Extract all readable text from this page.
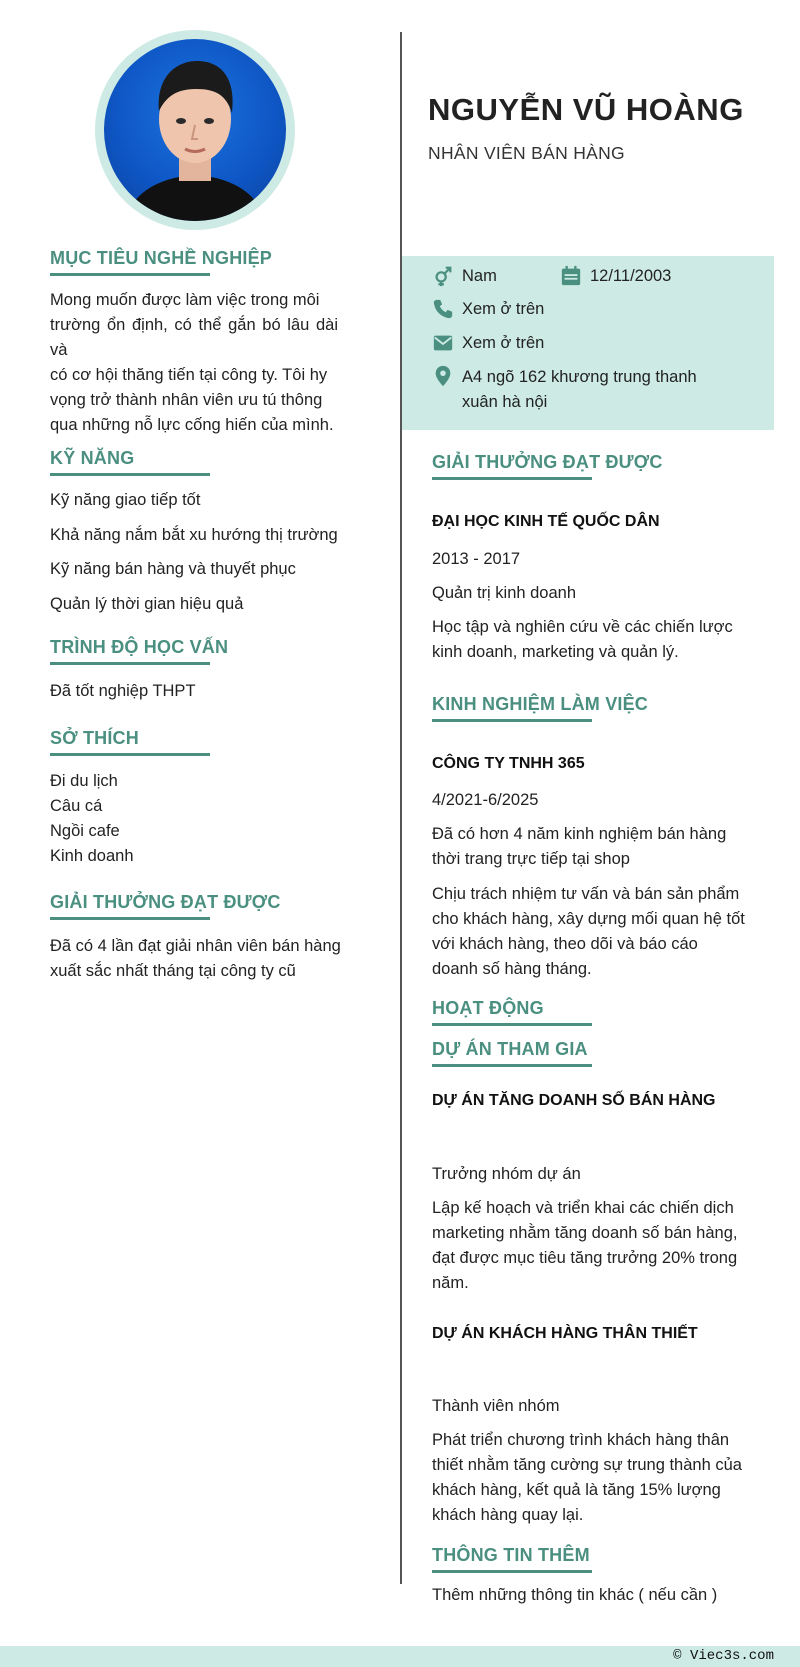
MỤC TIÊU NGHỀ NGHIỆP
Mong muốn được làm việc trong môi
trường ổn định, có thể gắn bó lâu dài và
có cơ hội thăng tiến tại công ty. Tôi hy
vọng trở thành nhân viên ưu tú thông
qua những nỗ lực cống hiến của mình.
KỸ NĂNG
Kỹ năng giao tiếp tốt
Khả năng nắm bắt xu hướng thị trường
Kỹ năng bán hàng và thuyết phục
Quản lý thời gian hiệu quả
TRÌNH ĐỘ HỌC VẤN
Đã tốt nghiệp THPT
SỞ THÍCH
Đi du lịch
Câu cá
Ngồi cafe
Kinh doanh
GIẢI THƯỞNG ĐẠT ĐƯỢC
Đã có 4 lần đạt giải nhân viên bán hàng
xuất sắc nhất tháng tại công ty cũ
NGUYỄN VŨ HOÀNG
NHÂN VIÊN BÁN HÀNG
Nam	12/11/2003
Xem ở trên
Xem ở trên
A4 ngõ 162 khương trung thanh
xuân hà nội
GIẢI THƯỞNG ĐẠT ĐƯỢC
ĐẠI HỌC KINH TẾ QUỐC DÂN
2013 - 2017
Quản trị kinh doanh
Học tập và nghiên cứu về các chiến lược
kinh doanh, marketing và quản lý.
KINH NGHIỆM LÀM VIỆC
CÔNG TY TNHH 365
4/2021-6/2025
Đã có hơn 4 năm kinh nghiệm bán hàng
thời trang trực tiếp tại shop
Chịu trách nhiệm tư vấn và bán sản phẩm
cho khách hàng, xây dựng mối quan hệ tốt
với khách hàng, theo dõi và báo cáo
doanh số hàng tháng.
HOẠT ĐỘNG
DỰ ÁN THAM GIA
DỰ ÁN TĂNG DOANH SỐ BÁN HÀNG
Trưởng nhóm dự án
Lập kế hoạch và triển khai các chiến dịch
marketing nhằm tăng doanh số bán hàng,
đạt được mục tiêu tăng trưởng 20% trong
năm.
DỰ ÁN KHÁCH HÀNG THÂN THIẾT
Thành viên nhóm
Phát triển chương trình khách hàng thân
thiết nhằm tăng cường sự trung thành của
khách hàng, kết quả là tăng 15% lượng
khách hàng quay lại.
THÔNG TIN THÊM
Thêm những thông tin khác ( nếu cần )
© Viec3s.com
